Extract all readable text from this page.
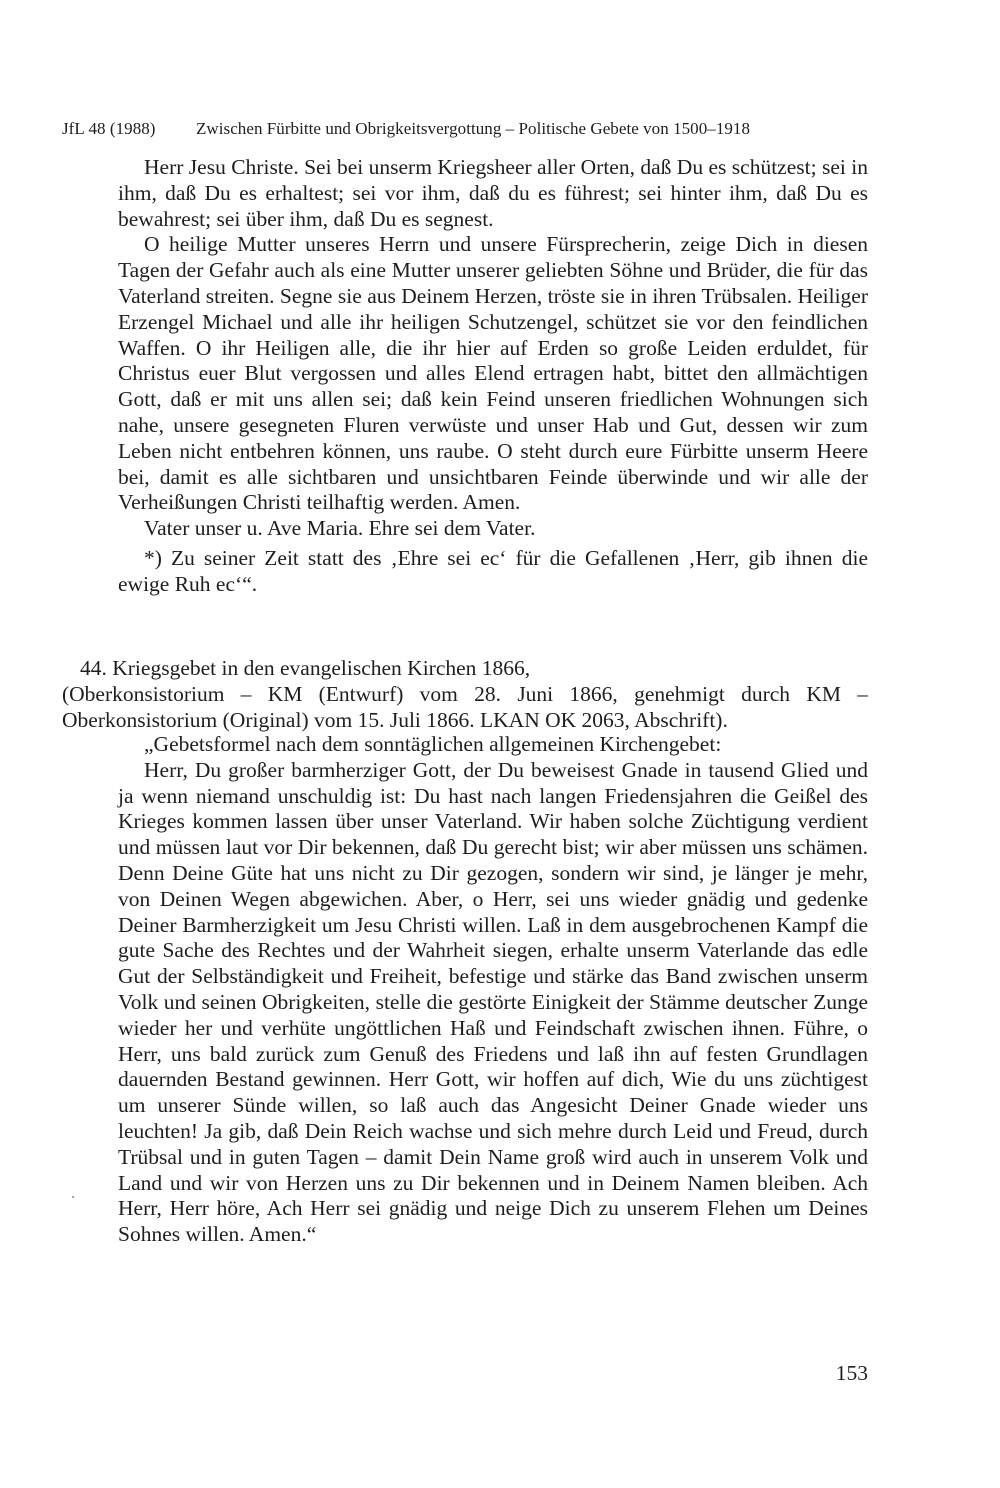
JfL 48 (1988) Zwischen Fürbitte und Obrigkeitsvergottung – Politische Gebete von 1500–1918

Herr Jesu Christe. Sei bei unserm Kriegsheer aller Orten, daß Du es schützest; sei in ihm, daß Du es erhaltest; sei vor ihm, daß du es führest; sei hinter ihm, daß Du es bewahrest; sei über ihm, daß Du es segnest.

O heilige Mutter unseres Herrn und unsere Fürsprecherin, zeige Dich in diesen Tagen der Gefahr auch als eine Mutter unserer geliebten Söhne und Brüder, die für das Vaterland streiten. Segne sie aus Deinem Herzen, tröste sie in ihren Trübsalen. Heiliger Erzengel Michael und alle ihr heiligen Schutzengel, schützet sie vor den feindlichen Waffen. O ihr Heiligen alle, die ihr hier auf Erden so große Leiden erduldet, für Christus euer Blut vergossen und alles Elend ertragen habt, bittet den allmächtigen Gott, daß er mit uns allen sei; daß kein Feind unseren friedlichen Wohnungen sich nahe, unsere gesegneten Fluren verwüste und unser Hab und Gut, dessen wir zum Leben nicht entbehren können, uns raube. O steht durch eure Fürbitte unserm Heere bei, damit es alle sichtbaren und unsichtbaren Feinde überwinde und wir alle der Verheißungen Christi teilhaftig werden. Amen.

Vater unser u. Ave Maria. Ehre sei dem Vater.

*) Zu seiner Zeit statt des ‚Ehre sei ec‘ für die Gefallenen ‚Herr, gib ihnen die ewige Ruh ec‘“.

44. Kriegsgebet in den evangelischen Kirchen 1866,

(Oberkonsistorium – KM (Entwurf) vom 28. Juni 1866, genehmigt durch KM – Oberkonsistorium (Original) vom 15. Juli 1866. LKAN OK 2063, Abschrift).

„Gebetsformel nach dem sonntäglichen allgemeinen Kirchengebet:

Herr, Du großer barmherziger Gott, der Du beweisest Gnade in tausend Glied und ja wenn niemand unschuldig ist: Du hast nach langen Friedensjahren die Geißel des Krieges kommen lassen über unser Vaterland. Wir haben solche Züchtigung verdient und müssen laut vor Dir bekennen, daß Du gerecht bist; wir aber müssen uns schämen. Denn Deine Güte hat uns nicht zu Dir gezogen, sondern wir sind, je länger je mehr, von Deinen Wegen abgewichen. Aber, o Herr, sei uns wieder gnädig und gedenke Deiner Barmherzigkeit um Jesu Christi willen. Laß in dem ausgebrochenen Kampf die gute Sache des Rechtes und der Wahrheit siegen, erhalte unserm Vaterlande das edle Gut der Selbständigkeit und Freiheit, befestige und stärke das Band zwischen unserm Volk und seinen Obrigkeiten, stelle die gestörte Einigkeit der Stämme deutscher Zunge wieder her und verhüte ungöttlichen Haß und Feindschaft zwischen ihnen. Führe, o Herr, uns bald zurück zum Genuß des Friedens und laß ihn auf festen Grundlagen dauernden Bestand gewinnen. Herr Gott, wir hoffen auf dich, Wie du uns züchtigest um unserer Sünde willen, so laß auch das Angesicht Deiner Gnade wieder uns leuchten! Ja gib, daß Dein Reich wachse und sich mehre durch Leid und Freud, durch Trübsal und in guten Tagen – damit Dein Name groß wird auch in unserem Volk und Land und wir von Herzen uns zu Dir bekennen und in Deinem Namen bleiben. Ach Herr, Herr höre, Ach Herr sei gnädig und neige Dich zu unserem Flehen um Deines Sohnes willen. Amen.“

153
